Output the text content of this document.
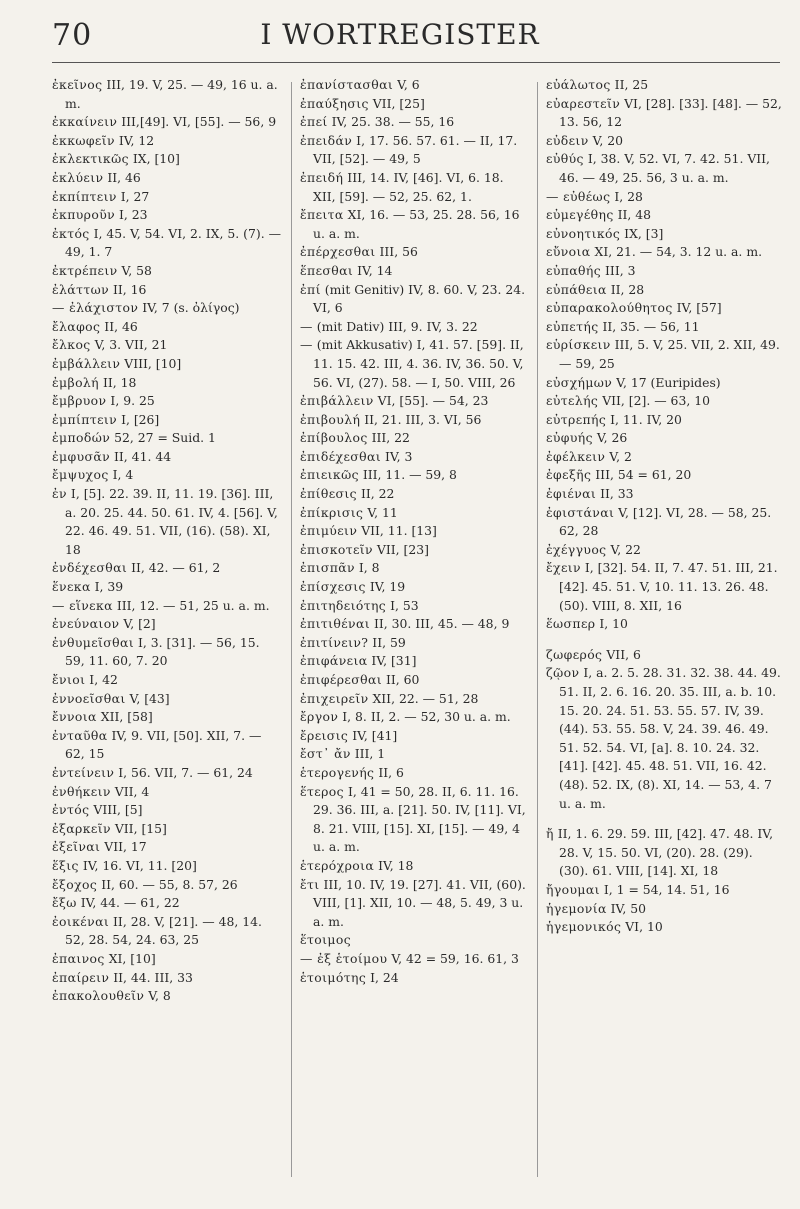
70	I WORTREGISTER

ἐκεῖνος III, 19. V, 25. — 49, 16 u. a. m.

ἐκκαίνειν III,[49]. VI, [55]. — 56, 9

ἐκκωφεῖν IV, 12

ἐκλεκτικῶς IX, [10]

ἐκλύειν II, 46

ἐκπίπτειν I, 27

ἐκπυροῦν I, 23

ἐκτός I, 45. V, 54. VI, 2. IX, 5. (7). — 49, 1. 7

ἐκτρέπειν V, 58

ἐλάττων II, 16

— ἐλάχιστον IV, 7 (s. ὀλίγος)

ἔλαφος II, 46

ἔλκος V, 3. VII, 21

ἐμβάλλειν VIII, [10]

ἐμβολή II, 18

ἔμβρυον I, 9. 25

ἐμπίπτειν I, [26]

ἐμποδών 52, 27 = Suid. 1

ἐμφυσᾶν II, 41. 44

ἔμψυχος I, 4

ἐν I, [5]. 22. 39. II, 11. 19. [36]. III, a. 20. 25. 44. 50. 61. IV, 4. [56]. V, 22. 46. 49. 51. VII, (16). (58). XI, 18

ἐνδέχεσθαι II, 42. — 61, 2

ἕνεκα I, 39

— εἵνεκα III, 12. — 51, 25 u. a. m.

ἐνεύναιον V, [2]

ἐνθυμεῖσθαι I, 3. [31]. — 56, 15. 59, 11. 60, 7. 20

ἔνιοι I, 42

ἐννοεῖσθαι V, [43]

ἔννοια XII, [58]

ἐνταῦθα IV, 9. VII, [50]. XII, 7. — 62, 15

ἐντείνειν I, 56. VII, 7. — 61, 24

ἐνθήκειν VII, 4

ἐντός VIII, [5]

ἐξαρκεῖν VII, [15]

ἐξεῖναι VII, 17

ἕξις IV, 16. VI, 11. [20]

ἔξοχος II, 60. — 55, 8. 57, 26

ἔξω IV, 44. — 61, 22

ἐοικέναι II, 28. V, [21]. — 48, 14. 52, 28. 54, 24. 63, 25

ἐπαινος XI, [10]

ἐπαίρειν II, 44. III, 33

ἐπακολουθεῖν V, 8

ἐπανίστασθαι V, 6

ἐπαύξησις VII, [25]

ἐπεί IV, 25. 38. — 55, 16

ἐπειδάν I, 17. 56. 57. 61. — II, 17. VII, [52]. — 49, 5

ἐπειδή III, 14. IV, [46]. VI, 6. 18. XII, [59]. — 52, 25. 62, 1.

ἔπειτα XI, 16. — 53, 25. 28. 56, 16 u. a. m.

ἐπέρχεσθαι III, 56

ἕπεσθαι IV, 14

ἐπί (mit Genitiv) IV, 8. 60. V, 23. 24. VI, 6

— (mit Dativ) III, 9. IV, 3. 22

— (mit Akkusativ) I, 41. 57. [59]. II, 11. 15. 42. III, 4. 36. IV, 36. 50. V, 56. VI, (27). 58. — I, 50. VIII, 26

ἐπιβάλλειν VI, [55]. — 54, 23

ἐπιβουλή II, 21. III, 3. VI, 56

ἐπίβουλος III, 22

ἐπιδέχεσθαι IV, 3

ἐπιεικῶς III, 11. — 59, 8

ἐπίθεσις II, 22

ἐπίκρισις V, 11

ἐπιμύειν VII, 11. [13]

ἐπισκοτεῖν VII, [23]

ἐπισπᾶν I, 8

ἐπίσχεσις IV, 19

ἐπιτηδειότης I, 53

ἐπιτιθέναι II, 30. III, 45. — 48, 9

ἐπιτίνειν? II, 59

ἐπιφάνεια IV, [31]

ἐπιφέρεσθαι II, 60

ἐπιχειρεῖν XII, 22. — 51, 28

ἔργον I, 8. II, 2. — 52, 30 u. a. m.

ἔρεισις IV, [41]

ἔστ᾽ ἄν III, 1

ἑτερογενής II, 6

ἕτερος I, 41 = 50, 28. II, 6. 11. 16. 29. 36. III, a. [21]. 50. IV, [11]. VI, 8. 21. VIII, [15]. XI, [15]. — 49, 4 u. a. m.

ἑτερόχροια IV, 18

ἔτι III, 10. IV, 19. [27]. 41. VII, (60). VIII, [1]. XII, 10. — 48, 5. 49, 3 u. a. m.

ἕτοιμος

— ἐξ ἑτοίμου V, 42 = 59, 16. 61, 3

ἑτοιμότης I, 24

εὐάλωτος II, 25

εὐαρεστεῖν VI, [28]. [33]. [48]. — 52, 13. 56, 12

εὐδειν V, 20

εὐθύς I, 38. V, 52. VI, 7. 42. 51. VII, 46. — 49, 25. 56, 3 u. a. m.

— εὐθέως I, 28

εὐμεγέθης II, 48

εὐνοητικός IX, [3]

εὔνοια XI, 21. — 54, 3. 12 u. a. m.

εὐπαθής III, 3

εὐπάθεια II, 28

εὐπαρακολούθητος IV, [57]

εὐπετής II, 35. — 56, 11

εὑρίσκειν III, 5. V, 25. VII, 2. XII, 49. — 59, 25

εὐσχήμων V, 17 (Euripides)

εὐτελής VII, [2]. — 63, 10

εὐτρεπής I, 11. IV, 20

εὐφυής V, 26

ἐφέλκειν V, 2

ἐφεξῆς III, 54 = 61, 20

ἐφιέναι II, 33

ἐφιστάναι V, [12]. VI, 28. — 58, 25. 62, 28

ἐχέγγυος V, 22

ἔχειν I, [32]. 54. II, 7. 47. 51. III, 21. [42]. 45. 51. V, 10. 11. 13. 26. 48. (50). VIII, 8. XII, 16

ἕωσπερ I, 10

ζωφερός VII, 6

ζῷον I, a. 2. 5. 28. 31. 32. 38. 44. 49. 51. II, 2. 6. 16. 20. 35. III, a. b. 10. 15. 20. 24. 51. 53. 55. 57. IV, 39. (44). 53. 55. 58. V, 24. 39. 46. 49. 51. 52. 54. VI, [a]. 8. 10. 24. 32. [41]. [42]. 45. 48. 51. VII, 16. 42. (48). 52. IX, (8). XI, 14. — 53, 4. 7 u. a. m.

ἤ II, 1. 6. 29. 59. III, [42]. 47. 48. IV, 28. V, 15. 50. VI, (20). 28. (29). (30). 61. VIII, [14]. XI, 18

ἤγουμαι I, 1 = 54, 14. 51, 16

ἡγεμονία IV, 50

ἡγεμονικός VI, 10
